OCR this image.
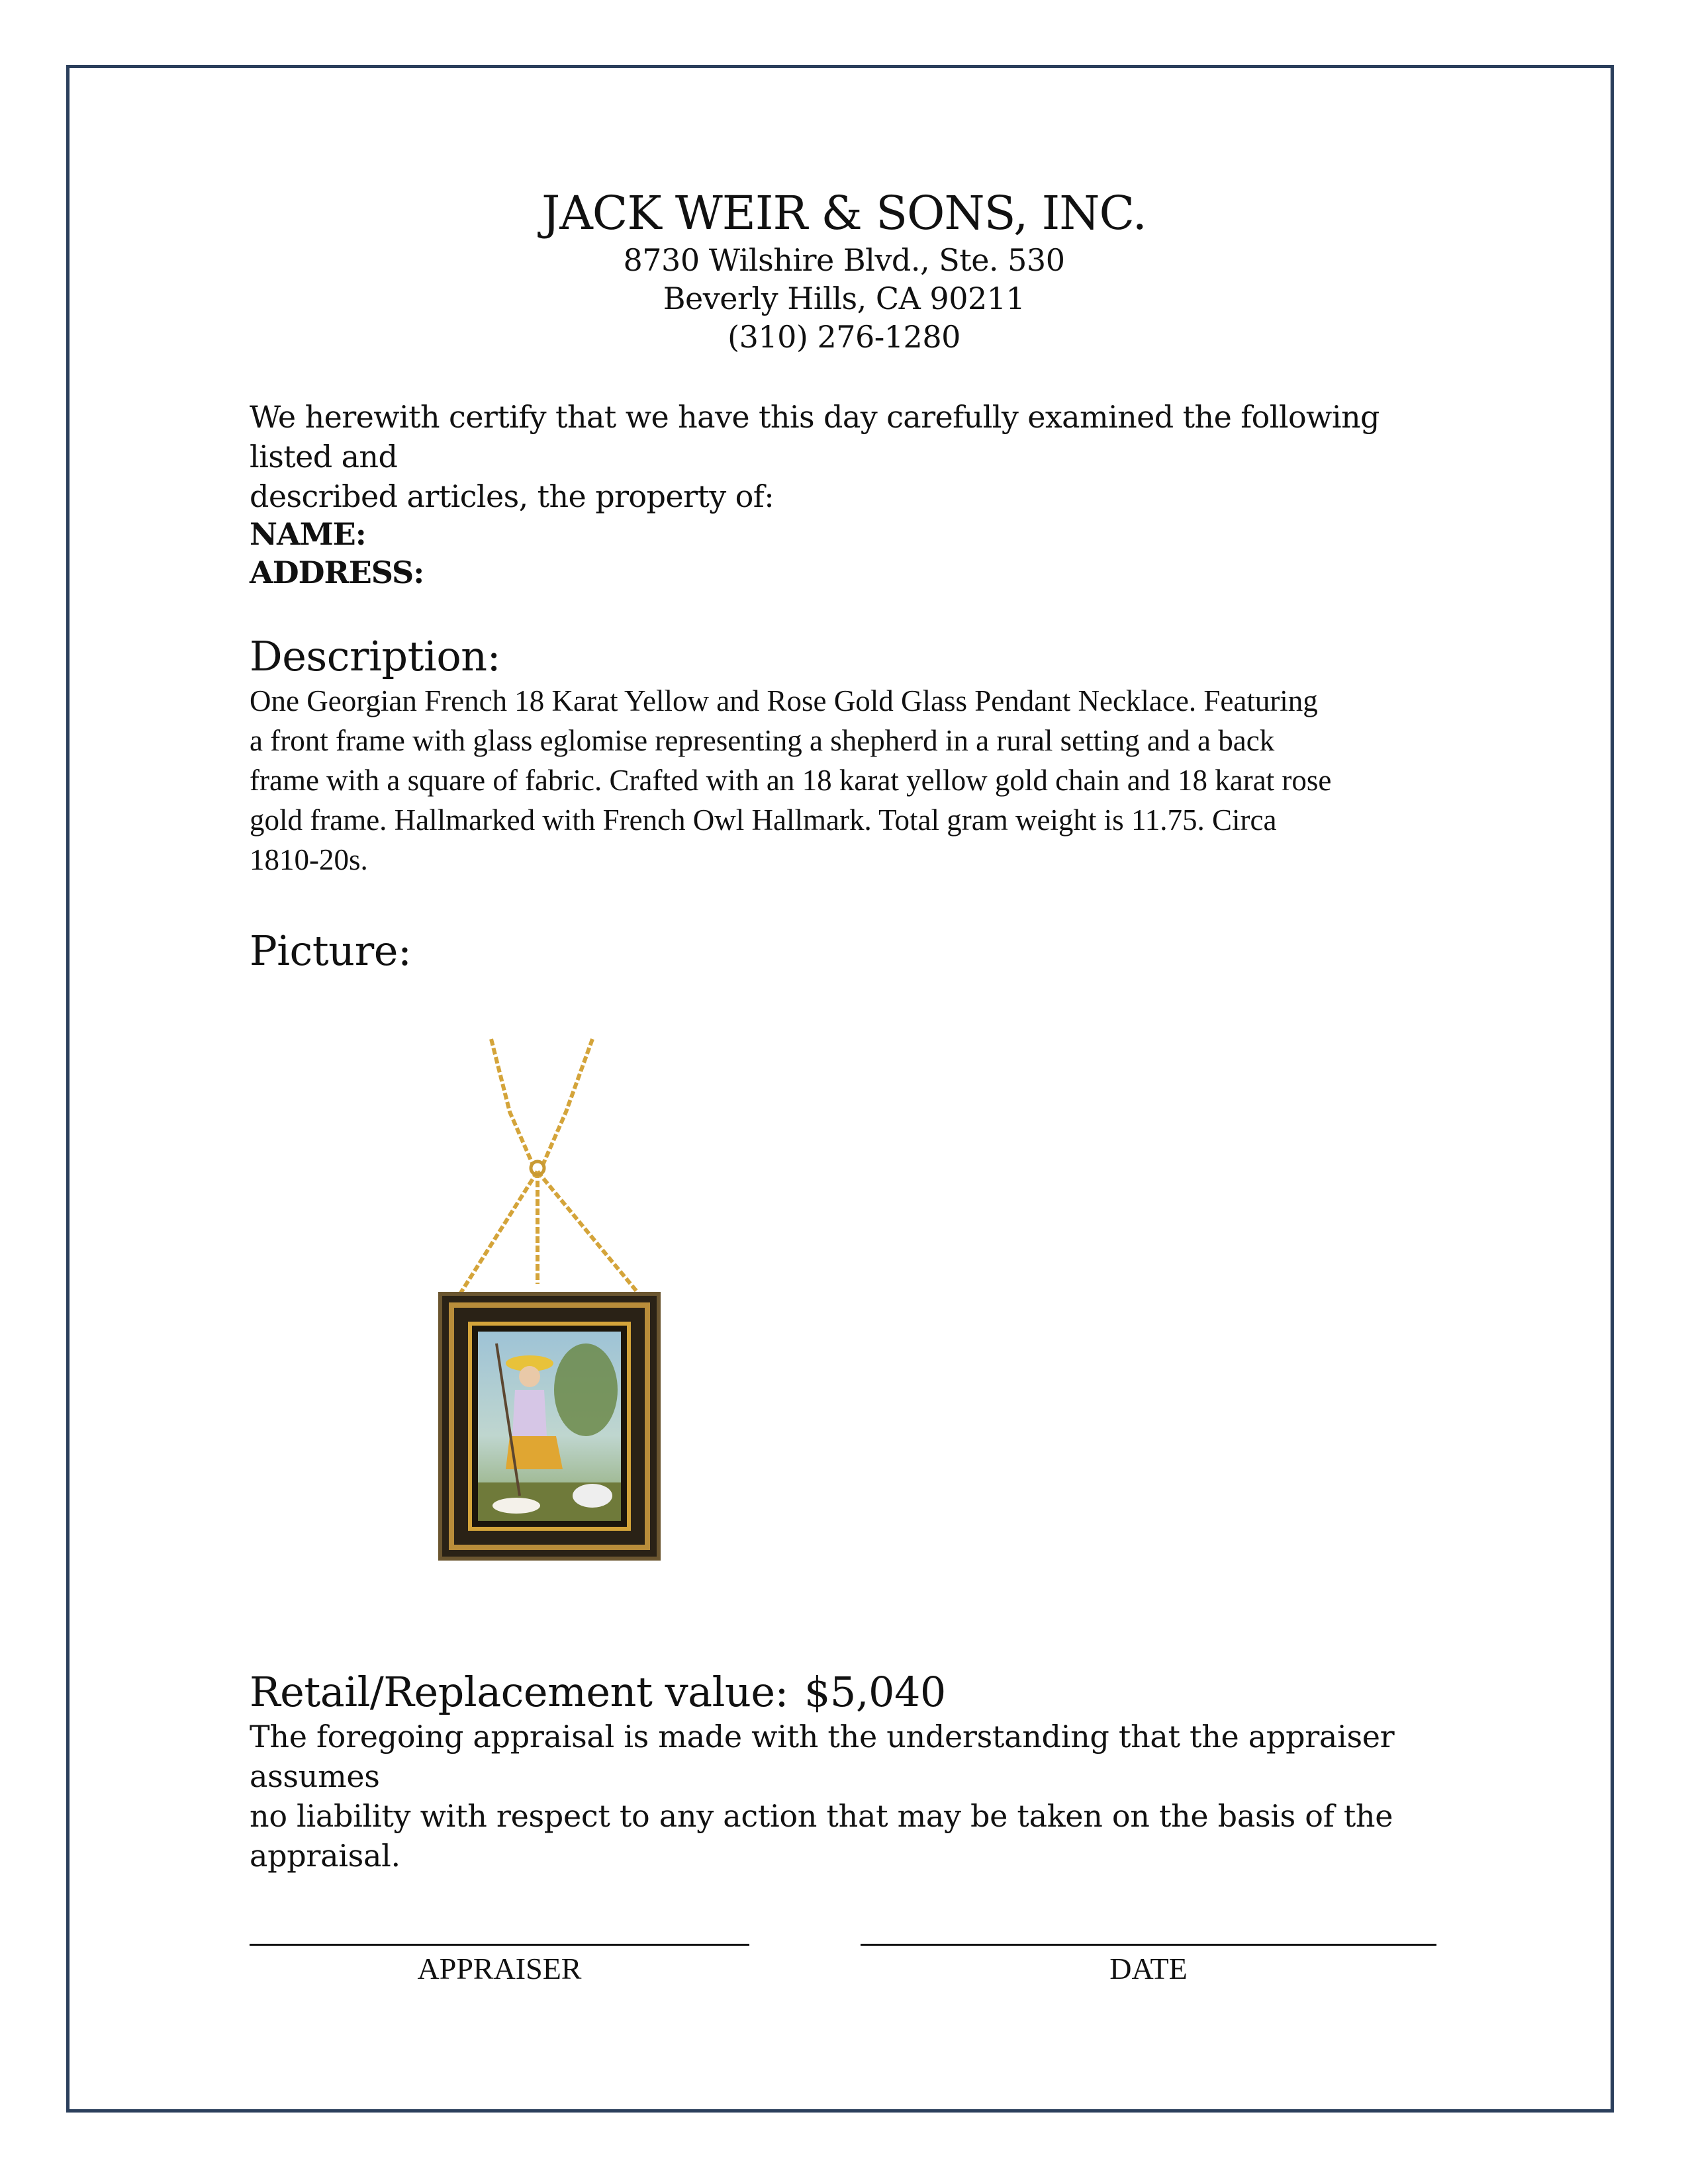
JACK WEIR & SONS, INC.
8730 Wilshire Blvd., Ste. 530
Beverly Hills, CA 90211
(310) 276-1280
We herewith certify that we have this day carefully examined the following listed and
described articles, the property of:
NAME:
ADDRESS:
Description:
One Georgian French 18 Karat Yellow and Rose Gold Glass Pendant Necklace. Featuring
a front frame with glass eglomise representing a shepherd in a rural setting and a back
frame with a square of fabric. Crafted with an 18 karat yellow gold chain and 18 karat rose
gold frame. Hallmarked with French Owl Hallmark. Total gram weight is 11.75. Circa
1810-20s.
Picture:
Retail/Replacement value: $5,040
The foregoing appraisal is made with the understanding that the appraiser assumes
no liability with respect to any action that may be taken on the basis of the appraisal.
APPRAISER	DATE
